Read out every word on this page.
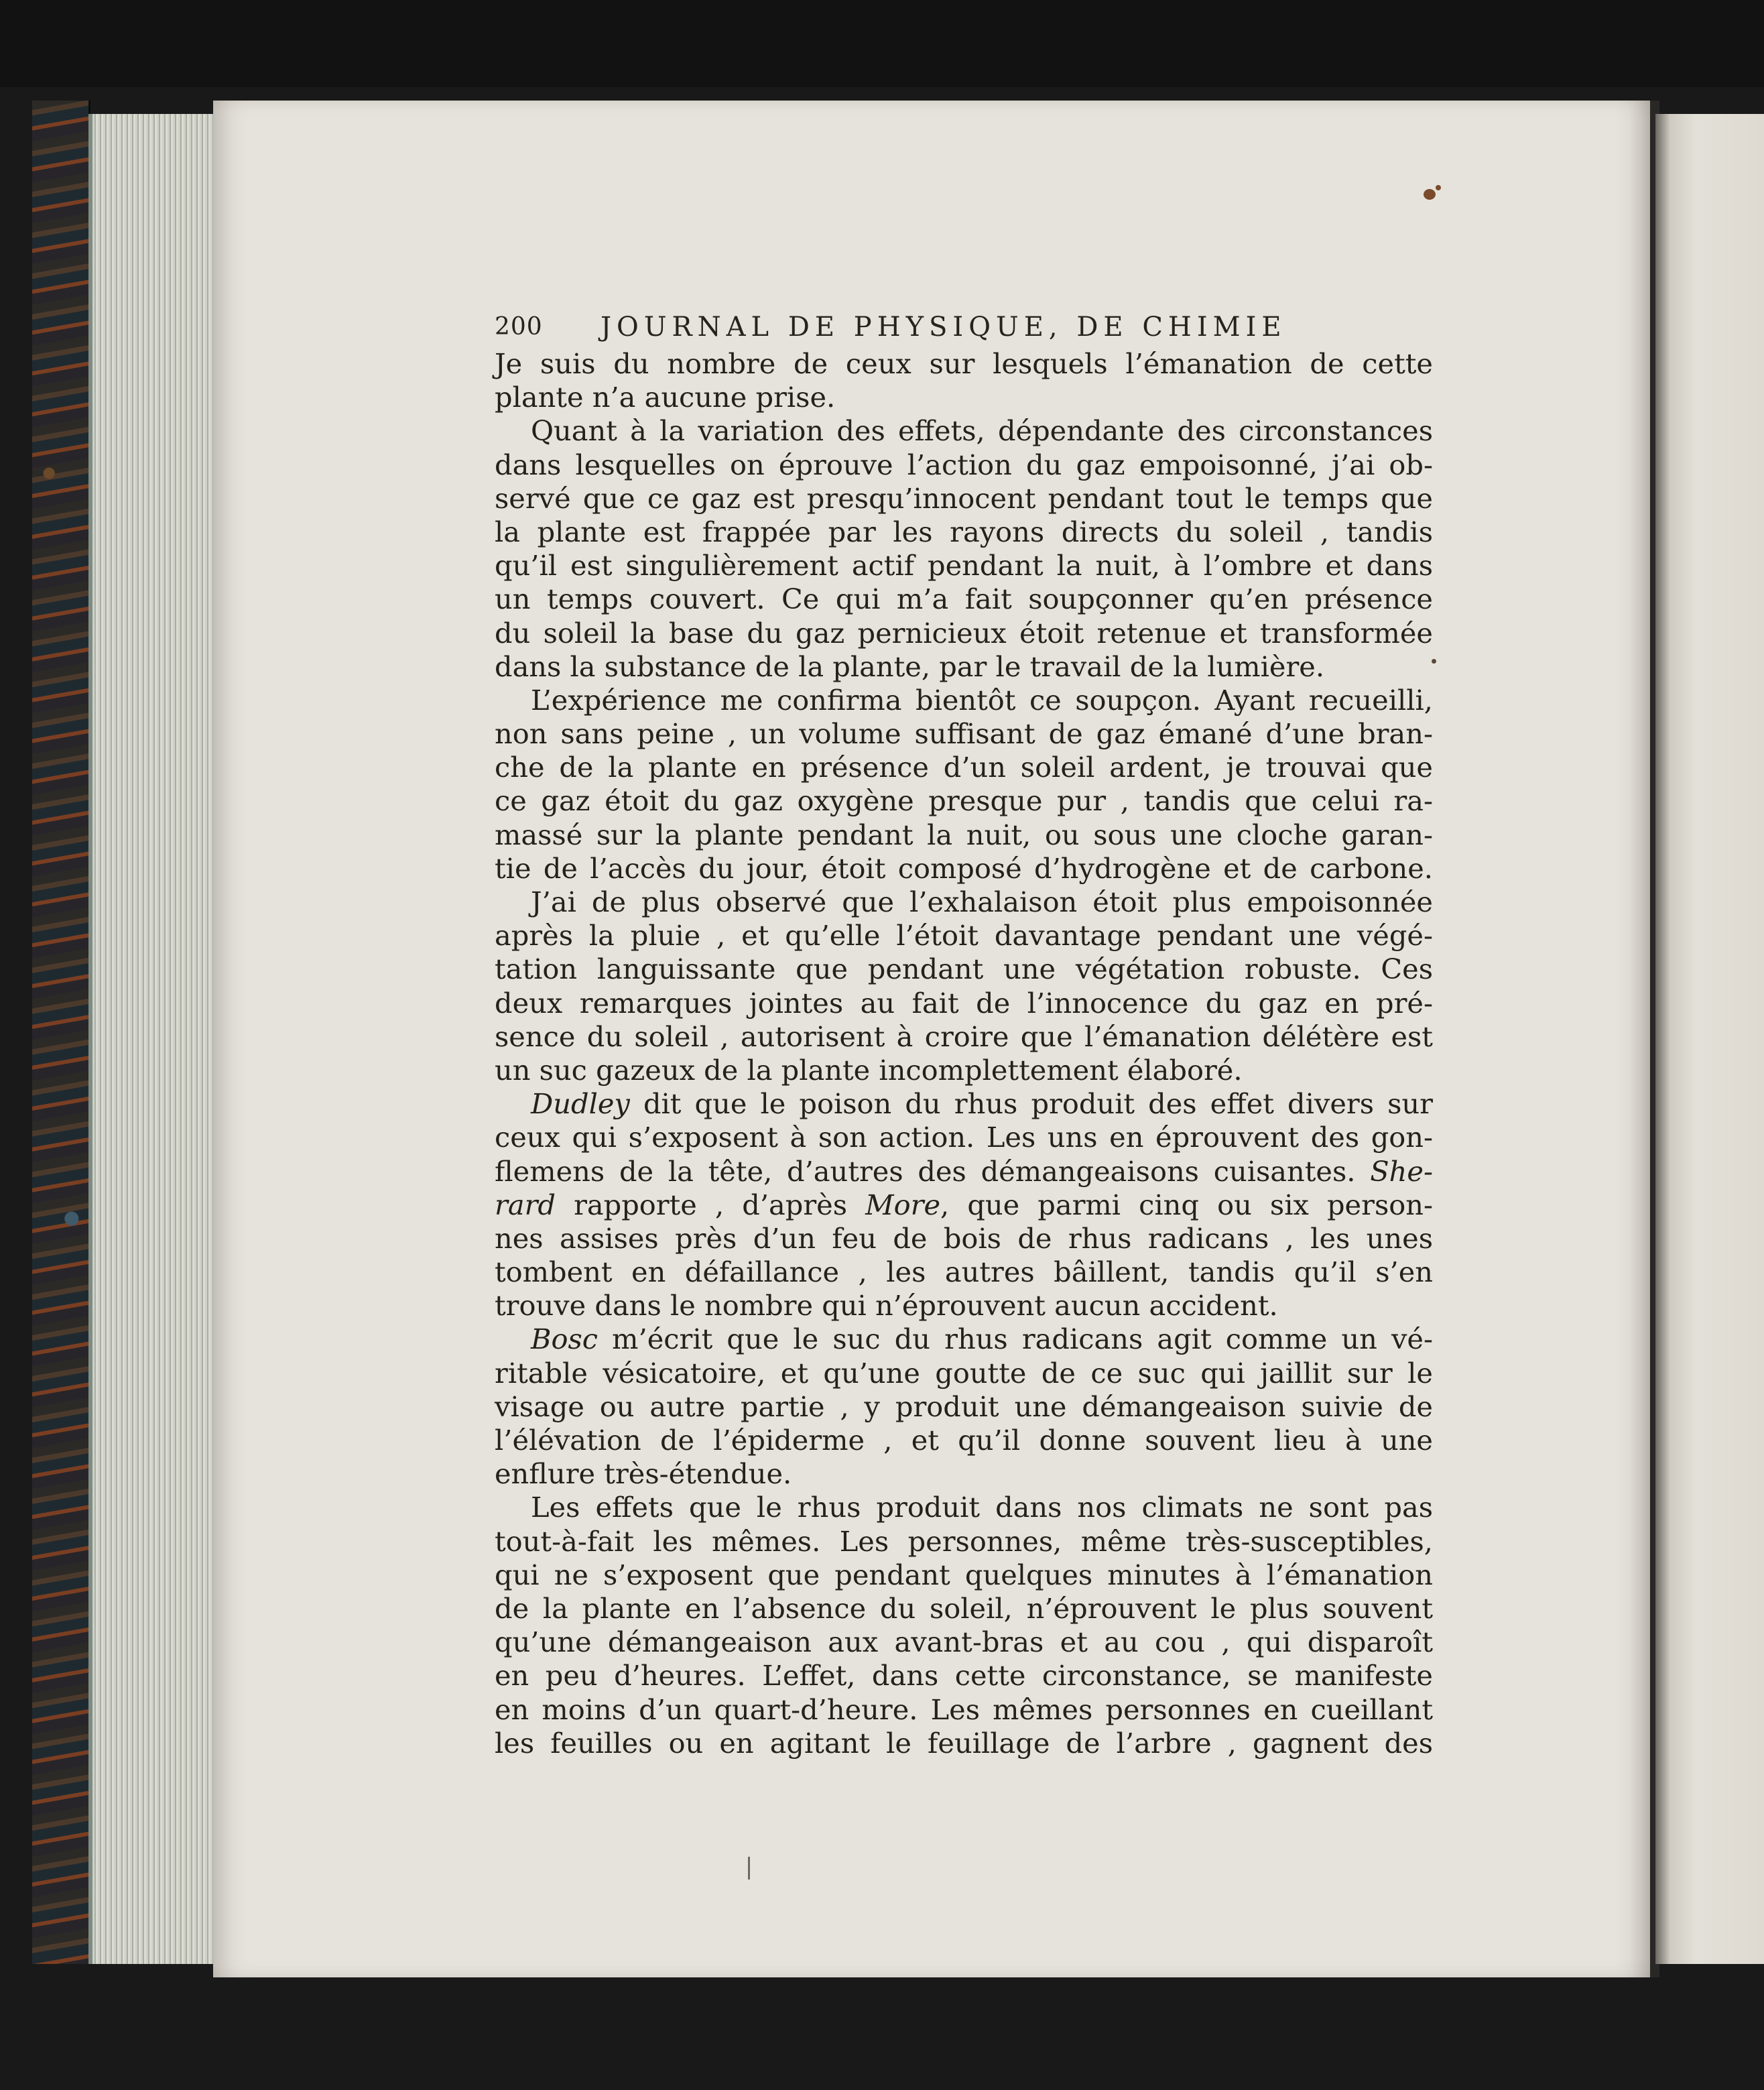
200 JOURNAL DE PHYSIQUE, DE CHIMIE
Je suis du nombre de ceux sur lesquels l’émanation de cette
plante n’a aucune prise.
Quant à la variation des effets, dépendante des circonstances
dans lesquelles on éprouve l’action du gaz empoisonné, j’ai ob-
servé que ce gaz est presqu’innocent pendant tout le temps que
la plante est frappée par les rayons directs du soleil , tandis
qu’il est singulièrement actif pendant la nuit, à l’ombre et dans
un temps couvert. Ce qui m’a fait soupçonner qu’en présence
du soleil la base du gaz pernicieux étoit retenue et transformée
dans la substance de la plante, par le travail de la lumière.
L’expérience me confirma bientôt ce soupçon. Ayant recueilli,
non sans peine , un volume suffisant de gaz émané d’une bran-
che de la plante en présence d’un soleil ardent, je trouvai que
ce gaz étoit du gaz oxygène presque pur , tandis que celui ra-
massé sur la plante pendant la nuit, ou sous une cloche garan-
tie de l’accès du jour, étoit composé d’hydrogène et de carbone.
J’ai de plus observé que l’exhalaison étoit plus empoisonnée
après la pluie , et qu’elle l’étoit davantage pendant une végé-
tation languissante que pendant une végétation robuste. Ces
deux remarques jointes au fait de l’innocence du gaz en pré-
sence du soleil , autorisent à croire que l’émanation délétère est
un suc gazeux de la plante incomplettement élaboré.
Dudley dit que le poison du rhus produit des effet divers sur
ceux qui s’exposent à son action. Les uns en éprouvent des gon-
flemens de la tête, d’autres des démangeaisons cuisantes. She-
rard rapporte , d’après More, que parmi cinq ou six person-
nes assises près d’un feu de bois de rhus radicans , les unes
tombent en défaillance , les autres bâillent, tandis qu’il s’en
trouve dans le nombre qui n’éprouvent aucun accident.
Bosc m’écrit que le suc du rhus radicans agit comme un vé-
ritable vésicatoire, et qu’une goutte de ce suc qui jaillit sur le
visage ou autre partie , y produit une démangeaison suivie de
l’élévation de l’épiderme , et qu’il donne souvent lieu à une
enflure très-étendue.
Les effets que le rhus produit dans nos climats ne sont pas
tout-à-fait les mêmes. Les personnes, même très-susceptibles,
qui ne s’exposent que pendant quelques minutes à l’émanation
de la plante en l’absence du soleil, n’éprouvent le plus souvent
qu’une démangeaison aux avant-bras et au cou , qui disparoît
en peu d’heures. L’effet, dans cette circonstance, se manifeste
en moins d’un quart-d’heure. Les mêmes personnes en cueillant
les feuilles ou en agitant le feuillage de l’arbre , gagnent des
